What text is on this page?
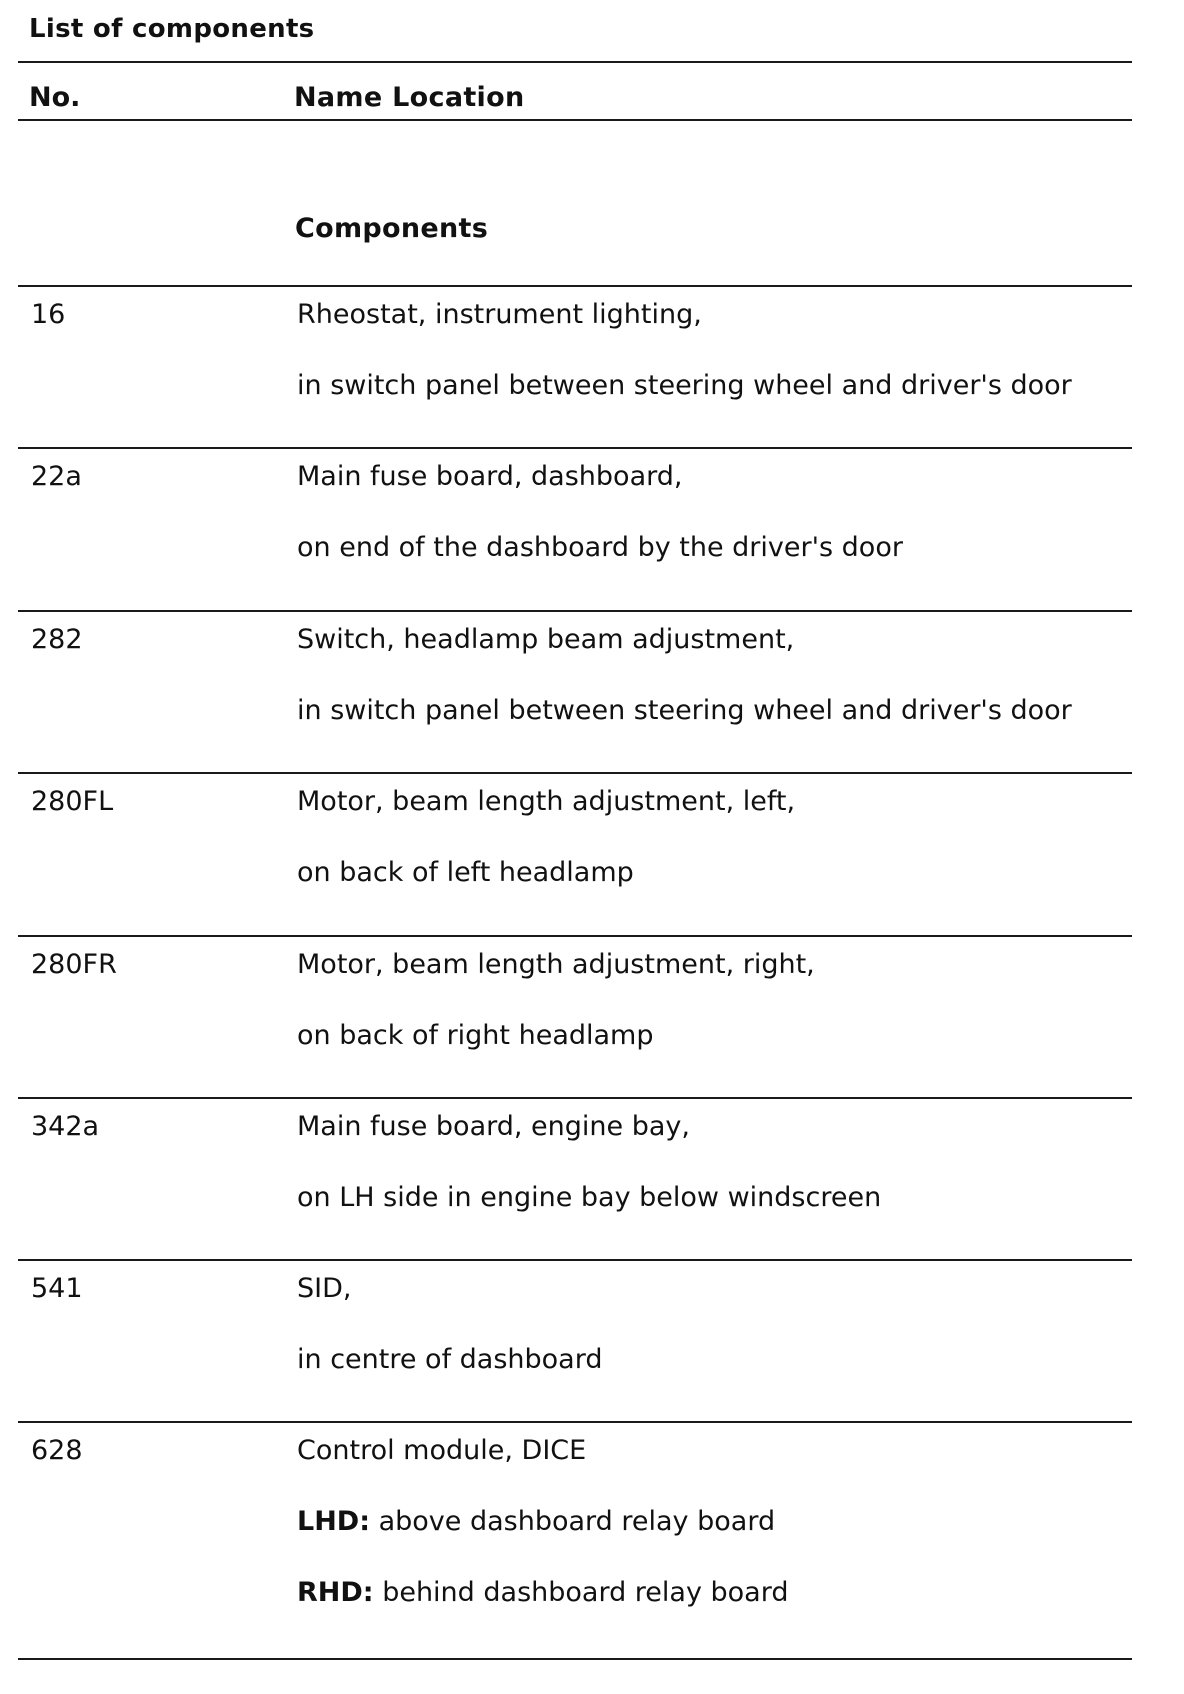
List of components
No.	Name Location
Components
16	Rheostat, instrument lighting,
in switch panel between steering wheel and driver's door
22a	Main fuse board, dashboard,
on end of the dashboard by the driver's door
282	Switch, headlamp beam adjustment,
in switch panel between steering wheel and driver's door
280FL	Motor, beam length adjustment, left,
on back of left headlamp
280FR	Motor, beam length adjustment, right,
on back of right headlamp
342a	Main fuse board, engine bay,
on LH side in engine bay below windscreen
541	SID,
in centre of dashboard
628	Control module, DICE
LHD: above dashboard relay board
RHD: behind dashboard relay board
